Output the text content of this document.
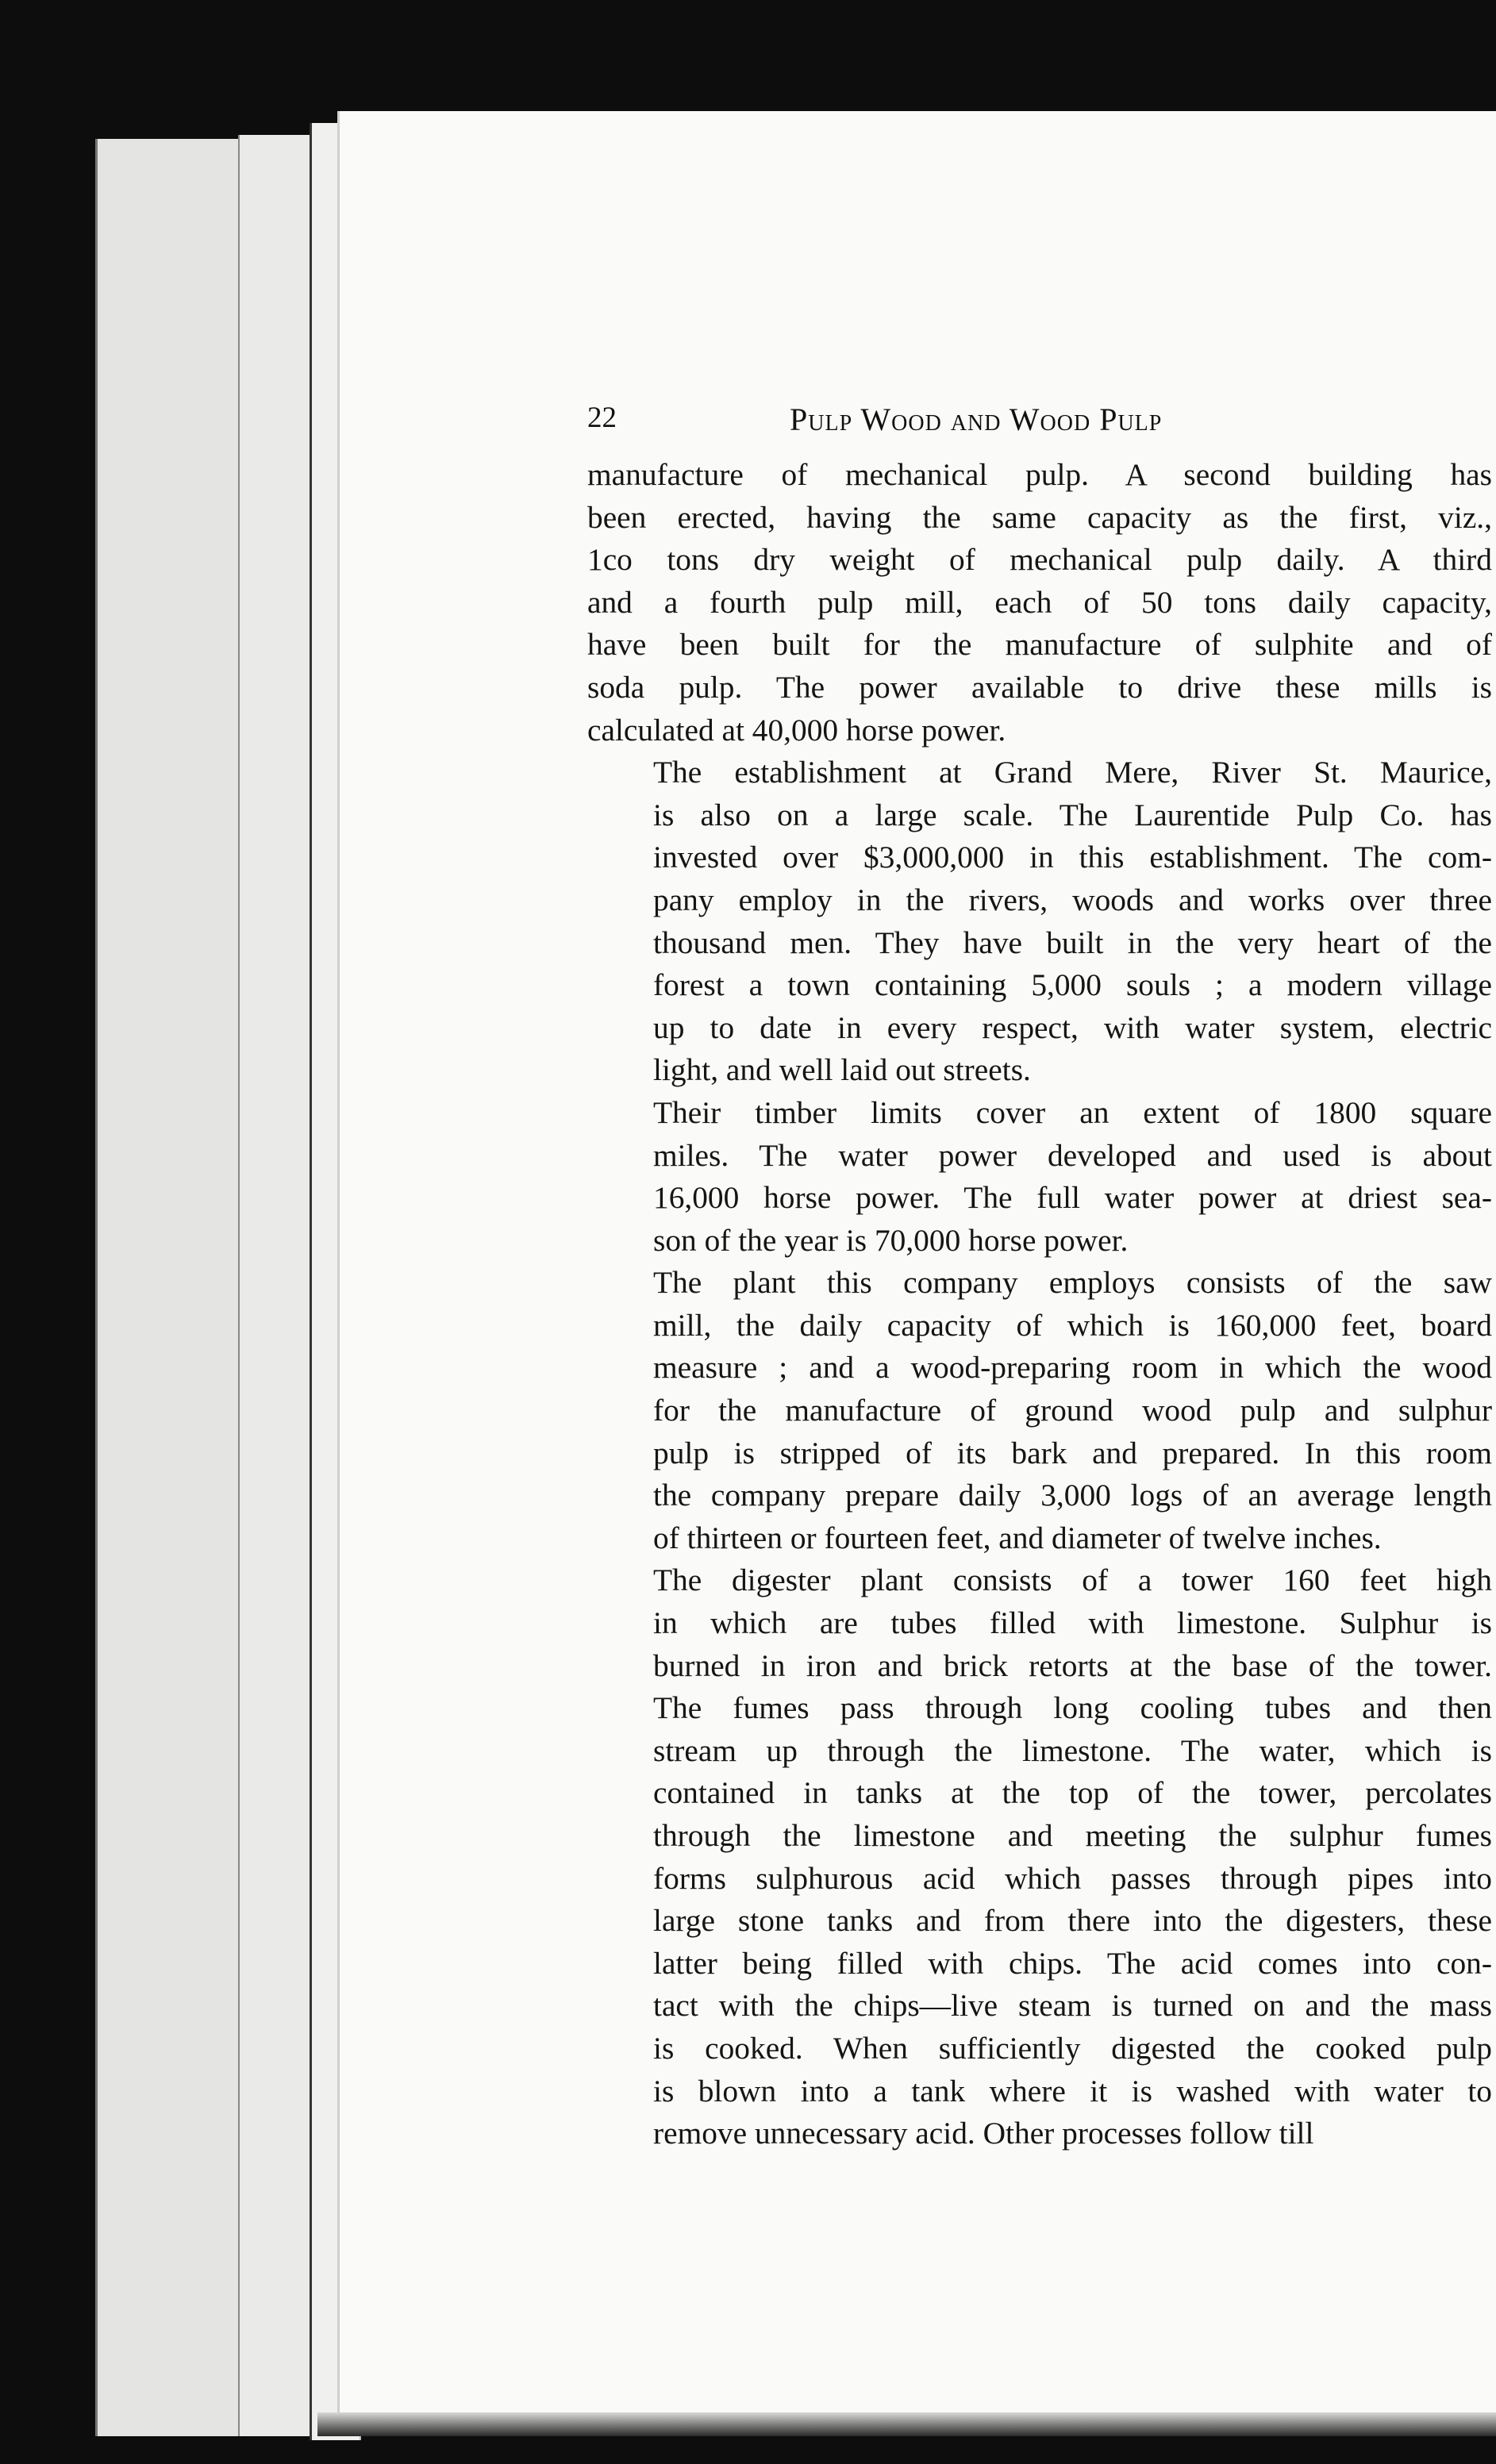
22	Pulp Wood and Wood Pulp

manufacture of mechanical pulp. A second building has
been erected, having the same capacity as the first, viz.,
1co tons dry weight of mechanical pulp daily. A third
and a fourth pulp mill, each of 50 tons daily capacity,
have been built for the manufacture of sulphite and of
soda pulp. The power available to drive these mills is
calculated at 40,000 horse power.

The establishment at Grand Mere, River St. Maurice,
is also on a large scale. The Laurentide Pulp Co. has
invested over $3,000,000 in this establishment. The com-
pany employ in the rivers, woods and works over three
thousand men. They have built in the very heart of the
forest a town containing 5,000 souls ; a modern village
up to date in every respect, with water system, electric
light, and well laid out streets.

Their timber limits cover an extent of 1800 square
miles. The water power developed and used is about
16,000 horse power. The full water power at driest sea-
son of the year is 70,000 horse power.

The plant this company employs consists of the saw
mill, the daily capacity of which is 160,000 feet, board
measure ; and a wood-preparing room in which the wood
for the manufacture of ground wood pulp and sulphur
pulp is stripped of its bark and prepared. In this room
the company prepare daily 3,000 logs of an average length
of thirteen or fourteen feet, and diameter of twelve inches.

The digester plant consists of a tower 160 feet high
in which are tubes filled with limestone. Sulphur is
burned in iron and brick retorts at the base of the tower.
The fumes pass through long cooling tubes and then
stream up through the limestone. The water, which is
contained in tanks at the top of the tower, percolates
through the limestone and meeting the sulphur fumes
forms sulphurous acid which passes through pipes into
large stone tanks and from there into the digesters, these
latter being filled with chips. The acid comes into con-
tact with the chips—live steam is turned on and the mass
is cooked. When sufficiently digested the cooked pulp
is blown into a tank where it is washed with water to
remove unnecessary acid. Other processes follow till
